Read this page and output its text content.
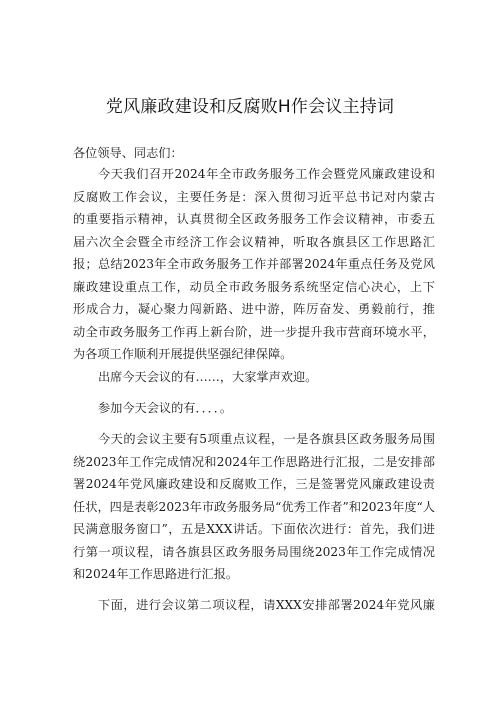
党风廉政建设和反腐败H作会议主持词
各位领导、同志们：
今天我们召开2024年全市政务服务工作会暨党风廉政建设和
反腐败工作会议，主要任务是：深入贯彻习近平总书记对内蒙古
的重要指示精神，认真贯彻全区政务服务工作会议精神，市委五
届六次全会暨全市经济工作会议精神，听取各旗县区工作思路汇
报；总结2023年全市政务服务工作并部署2024年重点任务及党风
廉政建设重点工作，动员全市政务服务系统坚定信心决心，上下
形成合力，凝心聚力闯新路、进中游，阵厉奋发、勇毅前行，推
动全市政务服务工作再上新台阶，进一步提升我市营商环境水平，
为各项工作顺利开展提供坚强纪律保障。
出席今天会议的有……，大家掌声欢迎。
参加今天会议的有．．．．。
今天的会议主要有5项重点议程，一是各旗县区政务服务局围
绕2023年工作完成情况和2024年工作思路进行汇报，二是安排部
署2024年党风廉政建设和反腐败工作，三是签署党风廉政建设责
任状，四是表彰2023年市政务服务局“优秀工作者”和2023年度“人
民满意服务窗口”，五是XXX讲话。下面依次进行：首先，我们进
行第一项议程，请各旗县区政务服务局围绕2023年工作完成情况
和2024年工作思路进行汇报。
下面，进行会议第二项议程，请XXX安排部署2024年党风廉
